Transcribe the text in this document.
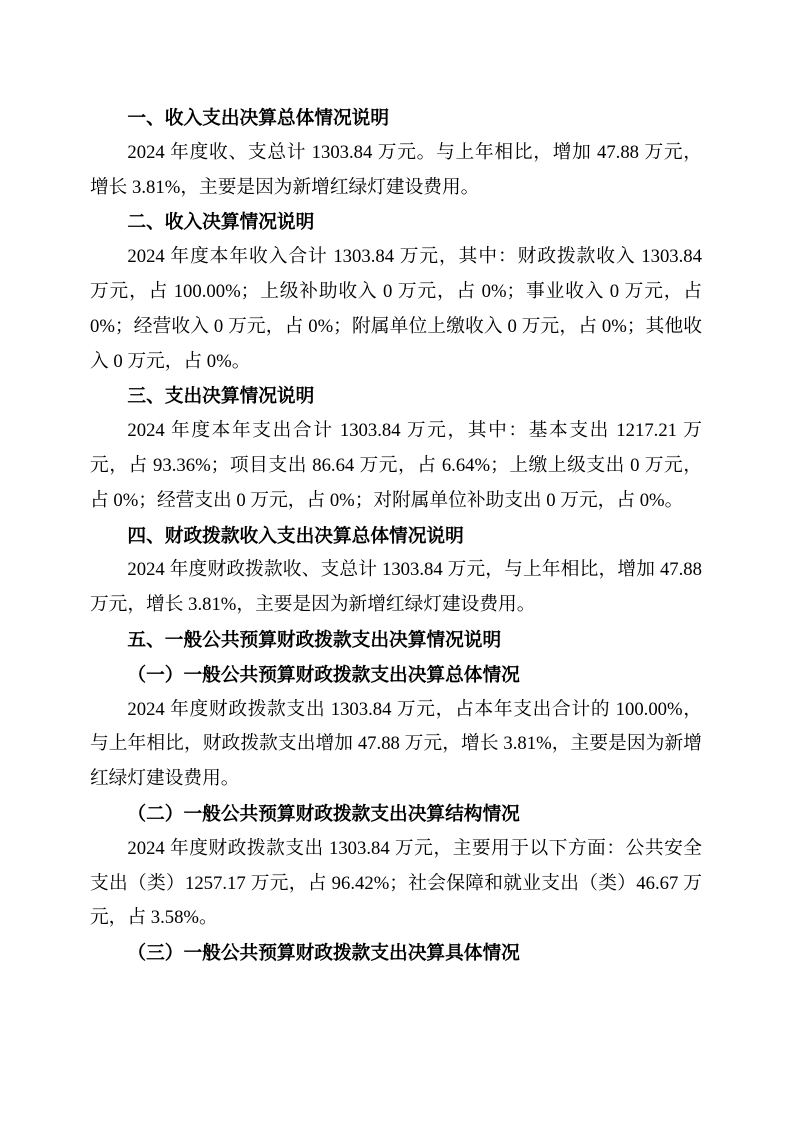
一、收入支出决算总体情况说明

2024 年度收、支总计 1303.84 万元。与上年相比，增加 47.88 万元，增长 3.81%，主要是因为新增红绿灯建设费用。

二、收入决算情况说明

2024 年度本年收入合计 1303.84 万元，其中：财政拨款收入 1303.84 万元，占 100.00%；上级补助收入 0 万元，占 0%；事业收入 0 万元，占 0%；经营收入 0 万元，占 0%；附属单位上缴收入 0 万元，占 0%；其他收入 0 万元，占 0%。

三、支出决算情况说明

2024 年度本年支出合计 1303.84 万元，其中：基本支出 1217.21 万元，占 93.36%；项目支出 86.64 万元，占 6.64%；上缴上级支出 0 万元，占 0%；经营支出 0 万元，占 0%；对附属单位补助支出 0 万元，占 0%。

四、财政拨款收入支出决算总体情况说明

2024 年度财政拨款收、支总计 1303.84 万元，与上年相比，增加 47.88 万元，增长 3.81%，主要是因为新增红绿灯建设费用。

五、一般公共预算财政拨款支出决算情况说明
（一）一般公共预算财政拨款支出决算总体情况

2024 年度财政拨款支出 1303.84 万元，占本年支出合计的 100.00%，与上年相比，财政拨款支出增加 47.88 万元，增长 3.81%，主要是因为新增红绿灯建设费用。

（二）一般公共预算财政拨款支出决算结构情况

2024 年度财政拨款支出 1303.84 万元，主要用于以下方面：公共安全支出（类）1257.17 万元，占 96.42%；社会保障和就业支出（类）46.67 万元，占 3.58%。

（三）一般公共预算财政拨款支出决算具体情况
